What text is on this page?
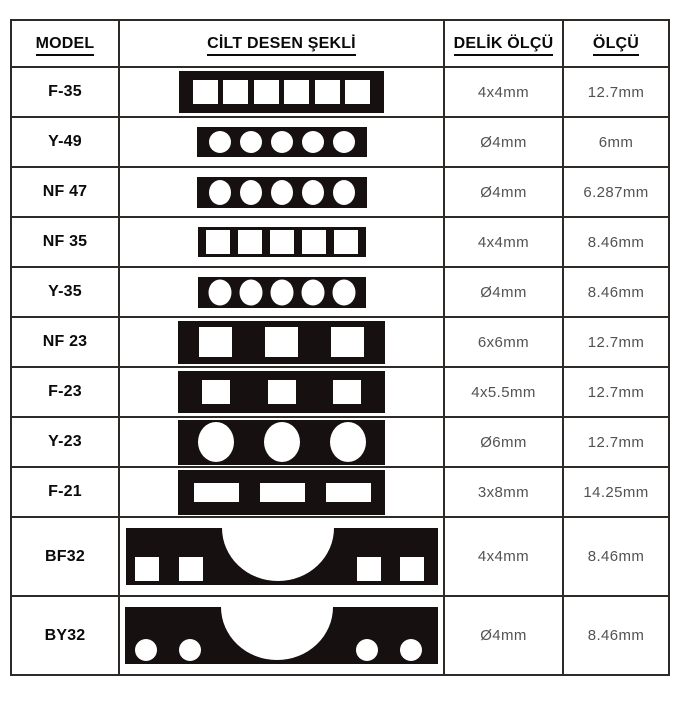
MODEL	CİLT DESEN ŞEKLİ	DELİK ÖLÇÜ	ÖLÇÜ
F-35		4x4mm	12.7mm
Y-49		Ø4mm	6mm
NF 47		Ø4mm	6.287mm
NF 35		4x4mm	8.46mm
Y-35		Ø4mm	8.46mm
NF 23		6x6mm	12.7mm
F-23		4x5.5mm	12.7mm
Y-23		Ø6mm	12.7mm
F-21		3x8mm	14.25mm
BF32		4x4mm	8.46mm
BY32		Ø4mm	8.46mm
